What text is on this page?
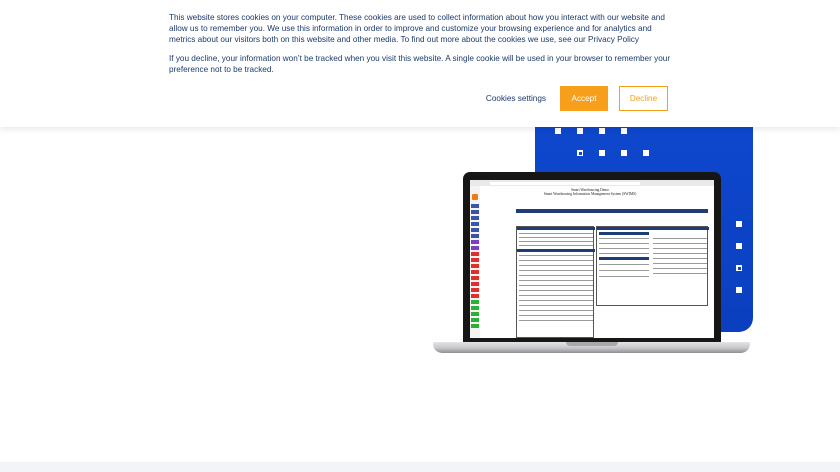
This website stores cookies on your computer. These cookies are used to collect information about how you interact with our website and allow us to remember you. We use this information in order to improve and customize your browsing experience and for analytics and metrics about our visitors both on this website and other media. To find out more about the cookies we use, see our Privacy Policy

If you decline, your information won’t be tracked when you visit this website. A single cookie will be used in your browser to remember your preference not to be tracked.

Cookies settings	Accept	Decline
Smart Warehousing Demo
Smart Warehousing Information Management System (SWIMS)
